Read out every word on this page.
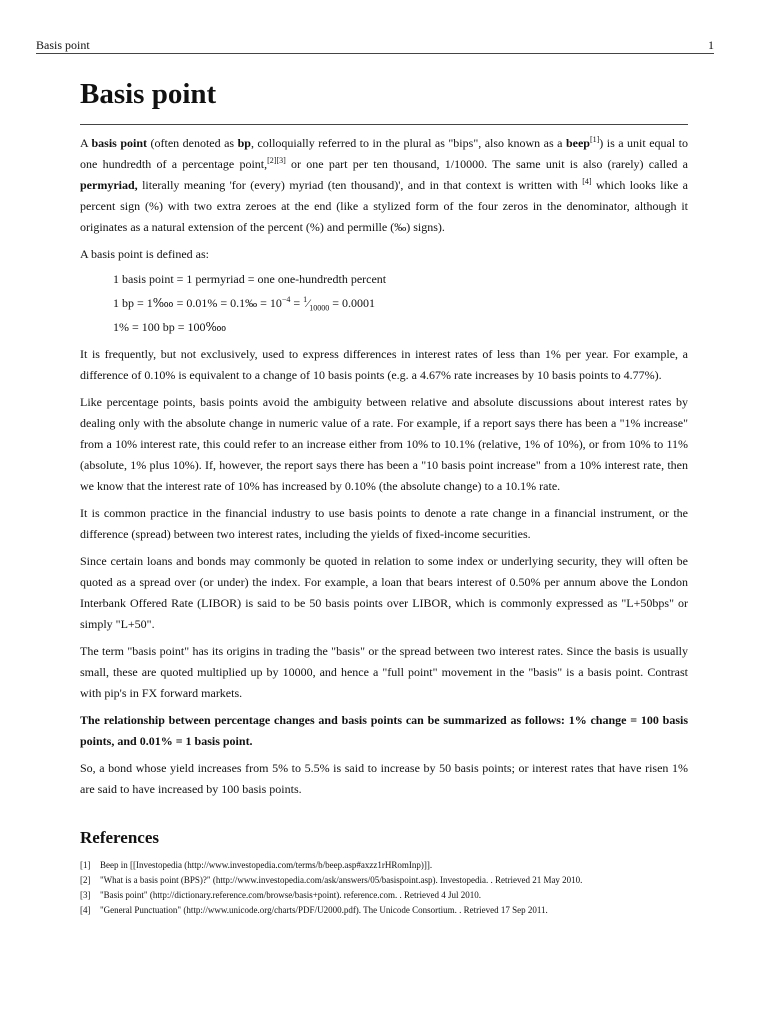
Basis point	1
Basis point

A basis point (often denoted as bp, colloquially referred to in the plural as "bips", also known as a beep[1]) is a unit equal to one hundredth of a percentage point,[2][3] or one part per ten thousand, 1/10000. The same unit is also (rarely) called a permyriad, literally meaning 'for (every) myriad (ten thousand)', and in that context is written with [4] which looks like a percent sign (%) with two extra zeroes at the end (like a stylized form of the four zeros in the denominator, although it originates as a natural extension of the percent (%) and permille (‰) signs).

A basis point is defined as:

1 basis point = 1 permyriad = one one-hundredth percent
1 bp = 1‱ = 0.01% = 0.1‰ = $10^{-4}$ = $^1⁄_{10000} = 0.0001$
1% = 100 bp = 100‱

It is frequently, but not exclusively, used to express differences in interest rates of less than 1% per year. For example, a difference of 0.10% is equivalent to a change of 10 basis points (e.g. a 4.67% rate increases by 10 basis points to 4.77%).

Like percentage points, basis points avoid the ambiguity between relative and absolute discussions about interest rates by dealing only with the absolute change in numeric value of a rate. For example, if a report says there has been a "1% increase" from a 10% interest rate, this could refer to an increase either from 10% to 10.1% (relative, 1% of 10%), or from 10% to 11% (absolute, 1% plus 10%). If, however, the report says there has been a "10 basis point increase" from a 10% interest rate, then we know that the interest rate of 10% has increased by 0.10% (the absolute change) to a 10.1% rate.

It is common practice in the financial industry to use basis points to denote a rate change in a financial instrument, or the difference (spread) between two interest rates, including the yields of fixed-income securities.

Since certain loans and bonds may commonly be quoted in relation to some index or underlying security, they will often be quoted as a spread over (or under) the index. For example, a loan that bears interest of 0.50% per annum above the London Interbank Offered Rate (LIBOR) is said to be 50 basis points over LIBOR, which is commonly expressed as "L+50bps" or simply "L+50".

The term "basis point" has its origins in trading the "basis" or the spread between two interest rates. Since the basis is usually small, these are quoted multiplied up by 10000, and hence a "full point" movement in the "basis" is a basis point. Contrast with pip's in FX forward markets.

The relationship between percentage changes and basis points can be summarized as follows: 1% change = 100 basis points, and 0.01% = 1 basis point.

So, a bond whose yield increases from 5% to 5.5% is said to increase by 50 basis points; or interest rates that have risen 1% are said to have increased by 100 basis points.

References
[1]	Beep in [[Investopedia (http://www.investopedia.com/terms/b/beep.asp#axzz1rHRomInp)]].
[2]	"What is a basis point (BPS)?" (http://www.investopedia.com/ask/answers/05/basispoint.asp). Investopedia. . Retrieved 21 May 2010.
[3]	"Basis point" (http://dictionary.reference.com/browse/basis+point). reference.com. . Retrieved 4 Jul 2010.
[4]	"General Punctuation" (http://www.unicode.org/charts/PDF/U2000.pdf). The Unicode Consortium. . Retrieved 17 Sep 2011.
